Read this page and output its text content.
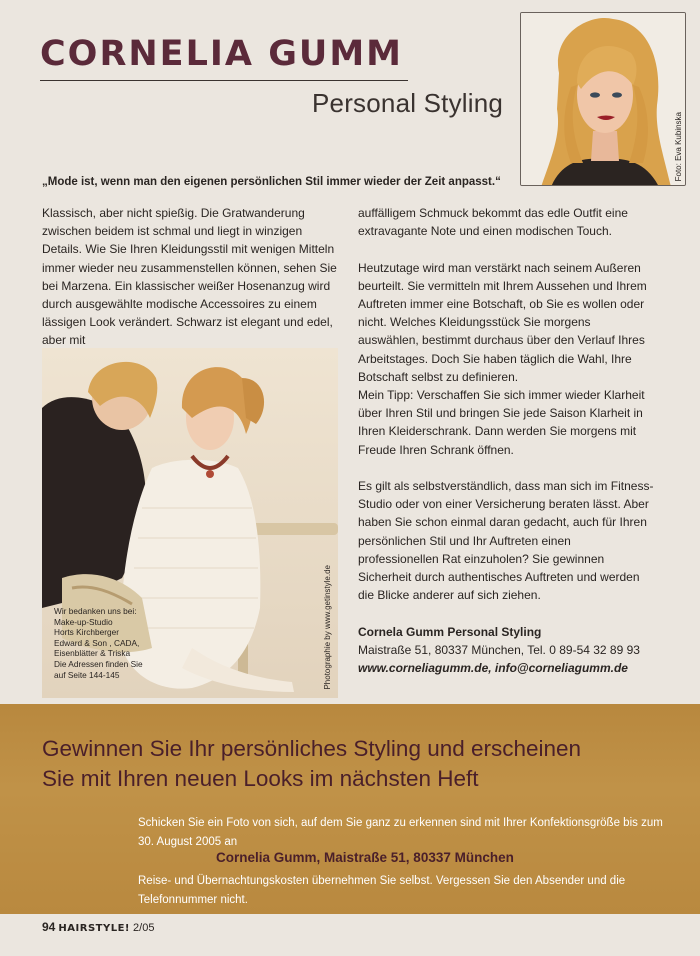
CORNELIA GUMM
Personal Styling
Foto: Eva Kubinska
„Mode ist, wenn man den eigenen persönlichen Stil immer wieder der Zeit anpasst.“

Klassisch, aber nicht spießig. Die Gratwanderung zwischen beidem ist schmal und liegt in winzigen Details. Wie Sie Ihren Kleidungsstil mit wenigen Mitteln immer wieder neu zusammenstellen können, sehen Sie bei Marzena. Ein klassischer weißer Hosenanzug wird durch ausgewählte modische Accessoires zu einem lässigen Look verändert. Schwarz ist elegant und edel, aber mit

Wir bedanken uns bei:
Make-up-Studio
Horts Kirchberger
Edward & Son , CADA,
Eisenblätter & Triska
Die Adressen finden Sie
auf Seite 144-145	Photographie by www.getinstyle.de

auffälligem Schmuck bekommt das edle Outfit eine extravagante Note und einen modischen Touch.

Heutzutage wird man verstärkt nach seinem Außeren beurteilt. Sie vermitteln mit Ihrem Aussehen und Ihrem Auftreten immer eine Botschaft, ob Sie es wollen oder nicht. Welches Kleidungsstück Sie morgens auswählen, bestimmt durchaus über den Verlauf Ihres Arbeitstages. Doch Sie haben täglich die Wahl, Ihre Botschaft selbst zu definieren.

Mein Tipp: Verschaffen Sie sich immer wieder Klarheit über Ihren Stil und bringen Sie jede Saison Klarheit in Ihren Kleiderschrank. Dann werden Sie morgens mit Freude Ihren Schrank öffnen.

Es gilt als selbstverständlich, dass man sich im Fitness-Studio oder von einer Versicherung beraten lässt. Aber haben Sie schon einmal daran gedacht, auch für Ihren persönlichen Stil und Ihr Auftreten einen professionellen Rat einzuholen? Sie gewinnen Sicherheit durch authentisches Auftreten und werden die Blicke anderer auf sich ziehen.

Cornela Gumm Personal Styling
Maistraße 51, 80337 München, Tel. 0 89-54 32 89 93
www.corneliagumm.de, info@corneliagumm.de
Gewinnen Sie Ihr persönliches Styling und erscheinen
Sie mit Ihren neuen Looks im nächsten Heft
Schicken Sie ein Foto von sich, auf dem Sie ganz zu erkennen sind mit Ihrer Konfektionsgröße bis zum 30. August 2005 an
Cornelia Gumm, Maistraße 51, 80337 München
Reise- und Übernachtungskosten übernehmen Sie selbst. Vergessen Sie den Absender und die Telefonnummer nicht.
94 HAIRSTYLE! 2/05
